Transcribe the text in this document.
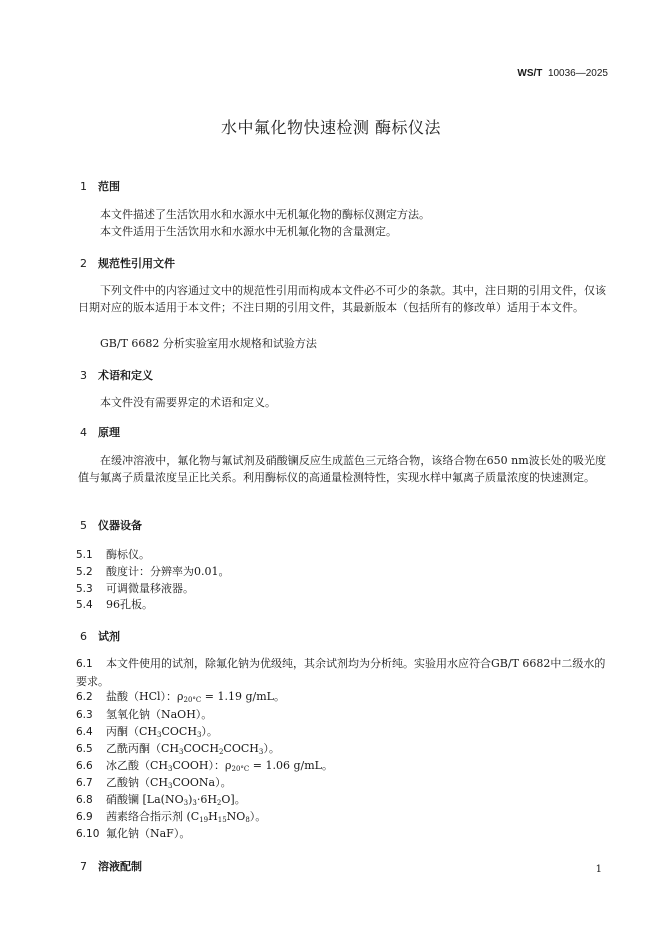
WS/T 10036—2025
水中氟化物快速检测 酶标仪法
1 范围
本文件描述了生活饮用水和水源水中无机氟化物的酶标仪测定方法。
本文件适用于生活饮用水和水源水中无机氟化物的含量测定。
2 规范性引用文件
下列文件中的内容通过文中的规范性引用而构成本文件必不可少的条款。其中，注日期的引用文件，仅该日期对应的版本适用于本文件；不注日期的引用文件，其最新版本（包括所有的修改单）适用于本文件。
GB/T 6682 分析实验室用水规格和试验方法
3 术语和定义
本文件没有需要界定的术语和定义。
4 原理
在缓冲溶液中，氟化物与氟试剂及硝酸镧反应生成蓝色三元络合物，该络合物在650 nm波长处的吸光度值与氟离子质量浓度呈正比关系。利用酶标仪的高通量检测特性，实现水样中氟离子质量浓度的快速测定。
5 仪器设备
5.1 酶标仪。
5.2 酸度计：分辨率为0.01。
5.3 可调微量移液器。
5.4 96孔板。
6 试剂
6.1 本文件使用的试剂，除氟化钠为优级纯，其余试剂均为分析纯。实验用水应符合GB/T 6682中二级水的要求。
6.2 盐酸（HCl）：$\rho_{20^\circ C} = 1.19$ g/mL。
6.3 氢氧化钠（NaOH）。
6.4 丙酮$(CH_3COCH_3)$。
6.5 乙酰丙酮$(CH_3COCH_2COCH_3)$。
6.6 冰乙酸$(CH_3COOH)$：$\rho_{20^\circ C} = 1.06$ g/mL。
6.7 乙酸钠$(CH_3COONa)$。
6.8 硝酸镧 $[La(NO_3)_3\cdot 6H_2O]$。
6.9 茜素络合指示剂 $(C_{19}H_{15}NO_8)$。
6.10 氟化钠（NaF）。
7 溶液配制	1
